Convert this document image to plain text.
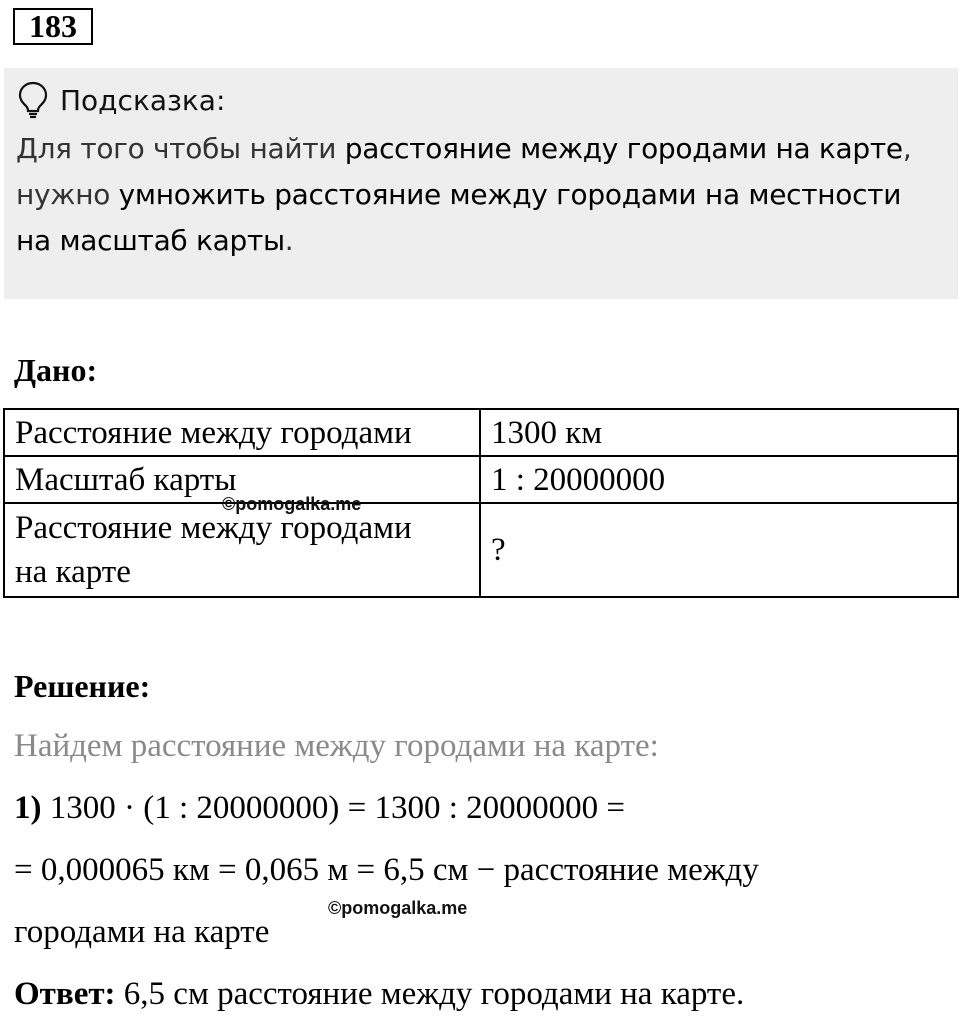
183
Подсказка:
Для того чтобы найти расстояние между городами на карте,
нужно умножить расстояние между городами на местности
на масштаб карты.
Дано:
Расстояние между городами	1300 км
Масштаб карты	1 : 20000000
Расстояние между городами
на карте	?
©pomogalka.me
Решение:
Найдем расстояние между городами на карте:
1) 1300 · (1 : 20000000) = 1300 : 20000000 =
= 0,000065 км = 0,065 м = 6,5 см − расстояние между
©pomogalka.me
городами на карте
Ответ: 6,5 см расстояние между городами на карте.
